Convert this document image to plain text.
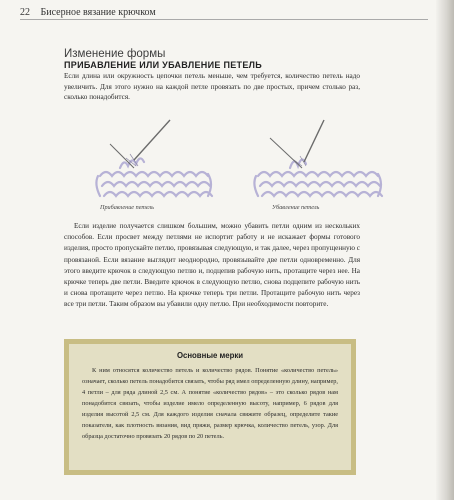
22 Бисерное вязание крючком
Изменение формы
ПРИБАВЛЕНИЕ ИЛИ УБАВЛЕНИЕ ПЕТЕЛЬ
Если длина или окружность цепочки петель меньше, чем требуется, количество петель надо увеличить. Для этого нужно на каждой петле провязать по две простых, причем столько раз, сколько понадобится.
Прибавление петель	Убавление петель
Если изделие получается слишком большим, можно убавить петли одним из нескольких способов. Если просвет между петлями не испортит работу и не искажает формы готового изделия, просто пропускайте петлю, провязывая следующую, и так далее, через пропущенную с провязаной. Если вязание выглядит неоднородно, провязывайте две петли одновременно. Для этого введите крючок в следующую петлю и, подцепив рабочую нить, протащите через нее. На крючке теперь две петли. Введите крючок в следующую петлю, снова подцепите рабочую нить и снова протащите через петлю. На крючке теперь три петли. Протащите рабочую нить через все три петли. Таким образом вы убавили одну петлю. При необходимости повторите.
Основные мерки
К ним относятся количество петель и количество рядов. Понятие «количество петель» означает, сколько петель понадобится связать, чтобы ряд имел определенную длину, например, 4 петли – для ряда длиной 2,5 см. А понятие «количество рядов» – это сколько рядов нам понадобится связать, чтобы изделие имело определенную высоту, например, 6 рядов для изделия высотой 2,5 см. Для каждого изделия сначала свяжите образец, определите такие показатели, как плотность вязания, вид пряжи, размер крючка, количество петель, узор. Для образца достаточно провязать 20 рядов по 20 петель.
